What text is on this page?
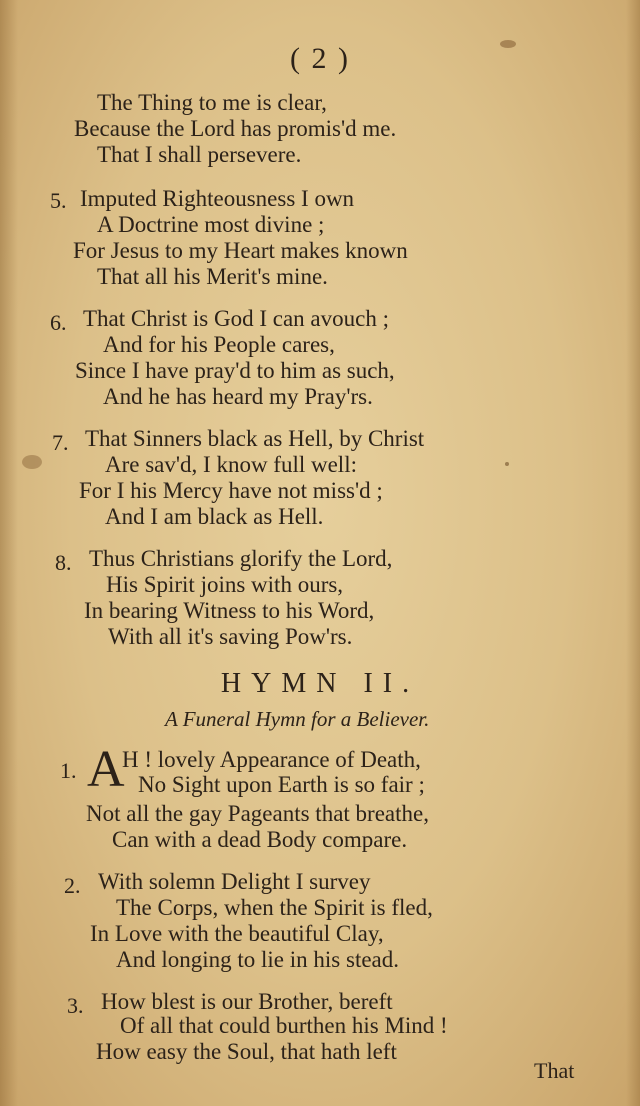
( 2 )
The Thing to me is clear,
Because the Lord has promis'd me.
That I shall persevere.
5. Imputed Righteousness I own
A Doctrine most divine ;
For Jesus to my Heart makes known
That all his Merit's mine.
6. That Christ is God I can avouch ;
And for his People cares,
Since I have pray'd to him as such,
And he has heard my Pray'rs.
7. That Sinners black as Hell, by Christ
Are sav'd, I know full well:
For I his Mercy have not miss'd ;
And I am black as Hell.
8. Thus Christians glorify the Lord,
His Spirit joins with ours,
In bearing Witness to his Word,
With all it's saving Pow'rs.
HYMN II.
A Funeral Hymn for a Believer.
1. A
H ! lovely Appearance of Death,
No Sight upon Earth is so fair ;
Not all the gay Pageants that breathe,
Can with a dead Body compare.
2. With solemn Delight I survey
The Corps, when the Spirit is fled,
In Love with the beautiful Clay,
And longing to lie in his stead.
3. How blest is our Brother, bereft
Of all that could burthen his Mind !
How easy the Soul, that hath left
That
